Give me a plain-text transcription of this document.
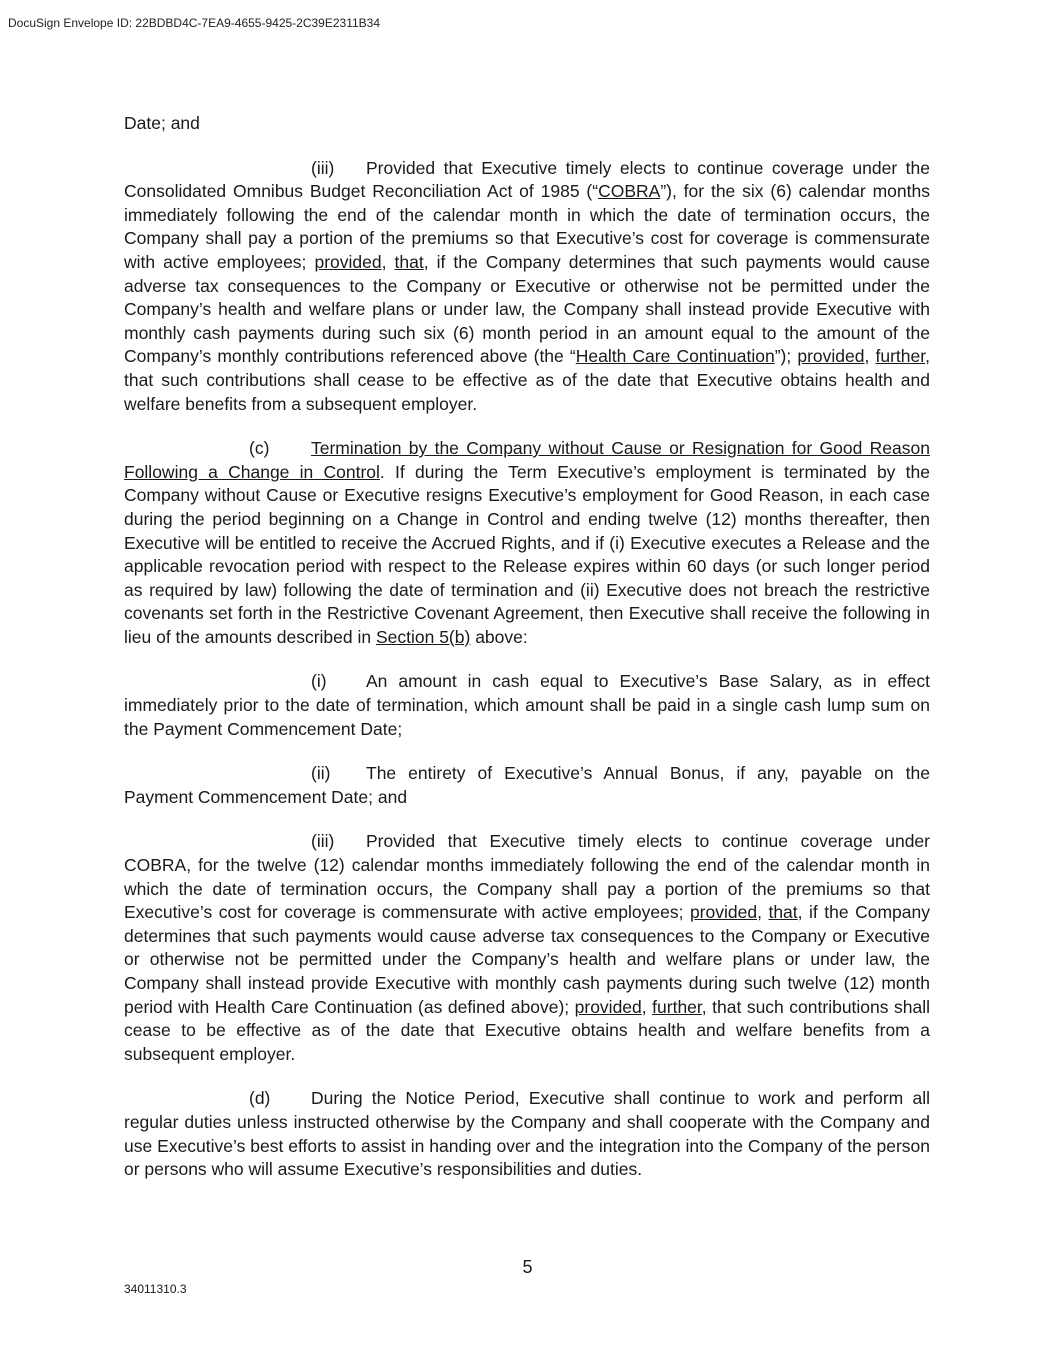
DocuSign Envelope ID: 22BDBD4C-7EA9-4655-9425-2C39E2311B34

Date; and

(iii) Provided that Executive timely elects to continue coverage under the Consolidated Omnibus Budget Reconciliation Act of 1985 (“COBRA”), for the six (6) calendar months immediately following the end of the calendar month in which the date of termination occurs, the Company shall pay a portion of the premiums so that Executive’s cost for coverage is commensurate with active employees; provided, that, if the Company determines that such payments would cause adverse tax consequences to the Company or Executive or otherwise not be permitted under the Company’s health and welfare plans or under law, the Company shall instead provide Executive with monthly cash payments during such six (6) month period in an amount equal to the amount of the Company’s monthly contributions referenced above (the “Health Care Continuation”); provided, further, that such contributions shall cease to be effective as of the date that Executive obtains health and welfare benefits from a subsequent employer.

(c) Termination by the Company without Cause or Resignation for Good Reason Following a Change in Control. If during the Term Executive’s employment is terminated by the Company without Cause or Executive resigns Executive’s employment for Good Reason, in each case during the period beginning on a Change in Control and ending twelve (12) months thereafter, then Executive will be entitled to receive the Accrued Rights, and if (i) Executive executes a Release and the applicable revocation period with respect to the Release expires within 60 days (or such longer period as required by law) following the date of termination and (ii) Executive does not breach the restrictive covenants set forth in the Restrictive Covenant Agreement, then Executive shall receive the following in lieu of the amounts described in Section 5(b) above:

(i) An amount in cash equal to Executive’s Base Salary, as in effect immediately prior to the date of termination, which amount shall be paid in a single cash lump sum on the Payment Commencement Date;

(ii) The entirety of Executive’s Annual Bonus, if any, payable on the Payment Commencement Date; and

(iii) Provided that Executive timely elects to continue coverage under COBRA, for the twelve (12) calendar months immediately following the end of the calendar month in which the date of termination occurs, the Company shall pay a portion of the premiums so that Executive’s cost for coverage is commensurate with active employees; provided, that, if the Company determines that such payments would cause adverse tax consequences to the Company or Executive or otherwise not be permitted under the Company’s health and welfare plans or under law, the Company shall instead provide Executive with monthly cash payments during such twelve (12) month period with Health Care Continuation (as defined above); provided, further, that such contributions shall cease to be effective as of the date that Executive obtains health and welfare benefits from a subsequent employer.

(d) During the Notice Period, Executive shall continue to work and perform all regular duties unless instructed otherwise by the Company and shall cooperate with the Company and use Executive’s best efforts to assist in handing over and the integration into the Company of the person or persons who will assume Executive’s responsibilities and duties.

5
34011310.3
